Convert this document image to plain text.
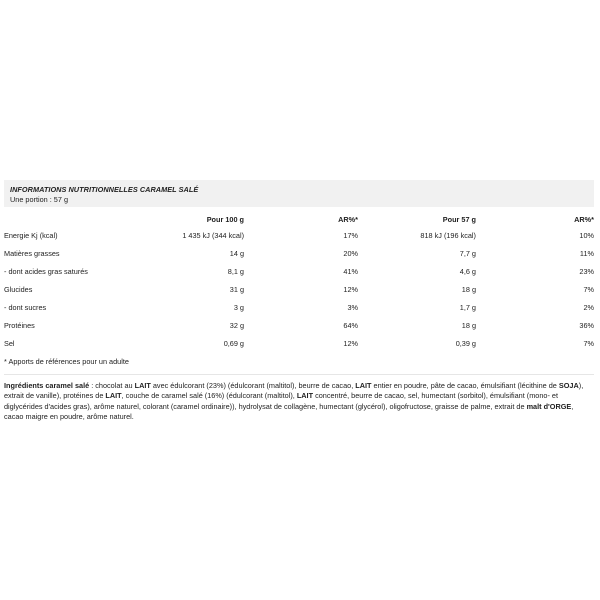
INFORMATIONS NUTRITIONNELLES CARAMEL SALÉ
Une portion : 57 g
	Pour 100 g	AR%*	Pour 57 g	AR%*
Energie Kj (kcal)	1 435 kJ (344 kcal)	17%	818 kJ (196 kcal)	10%
Matières grasses	14 g	20%	7,7 g	11%
- dont acides gras saturés	8,1 g	41%	4,6 g	23%
Glucides	31 g	12%	18 g	7%
- dont sucres	3 g	3%	1,7 g	2%
Protéines	32 g	64%	18 g	36%
Sel	0,69 g	12%	0,39 g	7%
* Apports de références pour un adulte
Ingrédients caramel salé : chocolat au LAIT avec édulcorant (23%) (édulcorant (maltitol), beurre de cacao, LAIT entier en poudre, pâte de cacao, émulsifiant (lécithine de SOJA), extrait de vanille), protéines de LAIT, couche de caramel salé (16%) (édulcorant (maltitol), LAIT concentré, beurre de cacao, sel, humectant (sorbitol), émulsifiant (mono- et diglycérides d'acides gras), arôme naturel, colorant (caramel ordinaire)), hydrolysat de collagène, humectant (glycérol), oligofructose, graisse de palme, extrait de malt d'ORGE, cacao maigre en poudre, arôme naturel.
